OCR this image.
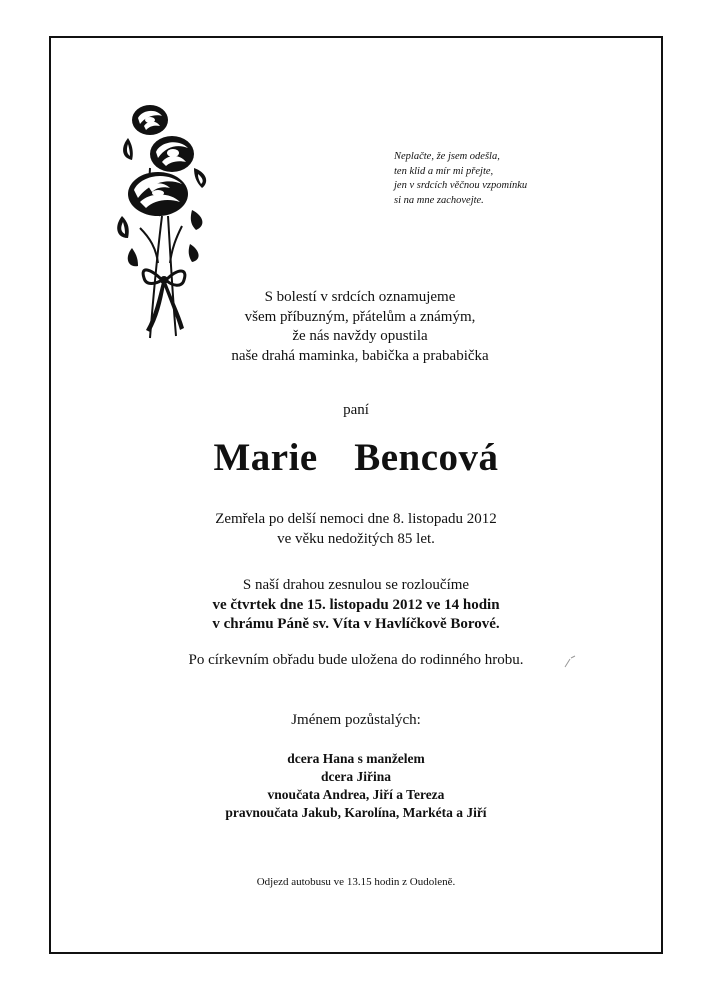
Neplačte, že jsem odešla,
ten klid a mír mi přejte,
jen v srdcích věčnou vzpomínku
si na mne zachovejte.
S bolestí v srdcích oznamujeme
všem příbuzným, přátelům a známým,
že nás navždy opustila
naše drahá maminka, babička a prababička
paní
Marie  Bencová
Zemřela po delší nemoci dne 8. listopadu 2012
ve věku nedožitých 85 let.
S naší drahou zesnulou se rozloučíme
ve čtvrtek dne 15. listopadu 2012 ve 14 hodin
v chrámu Páně sv. Víta v Havlíčkově Borové.
Po církevním obřadu bude uložena do rodinného hrobu.
Jménem pozůstalých:
dcera Hana s manželem
dcera Jiřina
vnoučata Andrea, Jiří a Tereza
pravnoučata Jakub, Karolína, Markéta a Jiří
Odjezd autobusu ve 13.15 hodin z Oudoleně.
